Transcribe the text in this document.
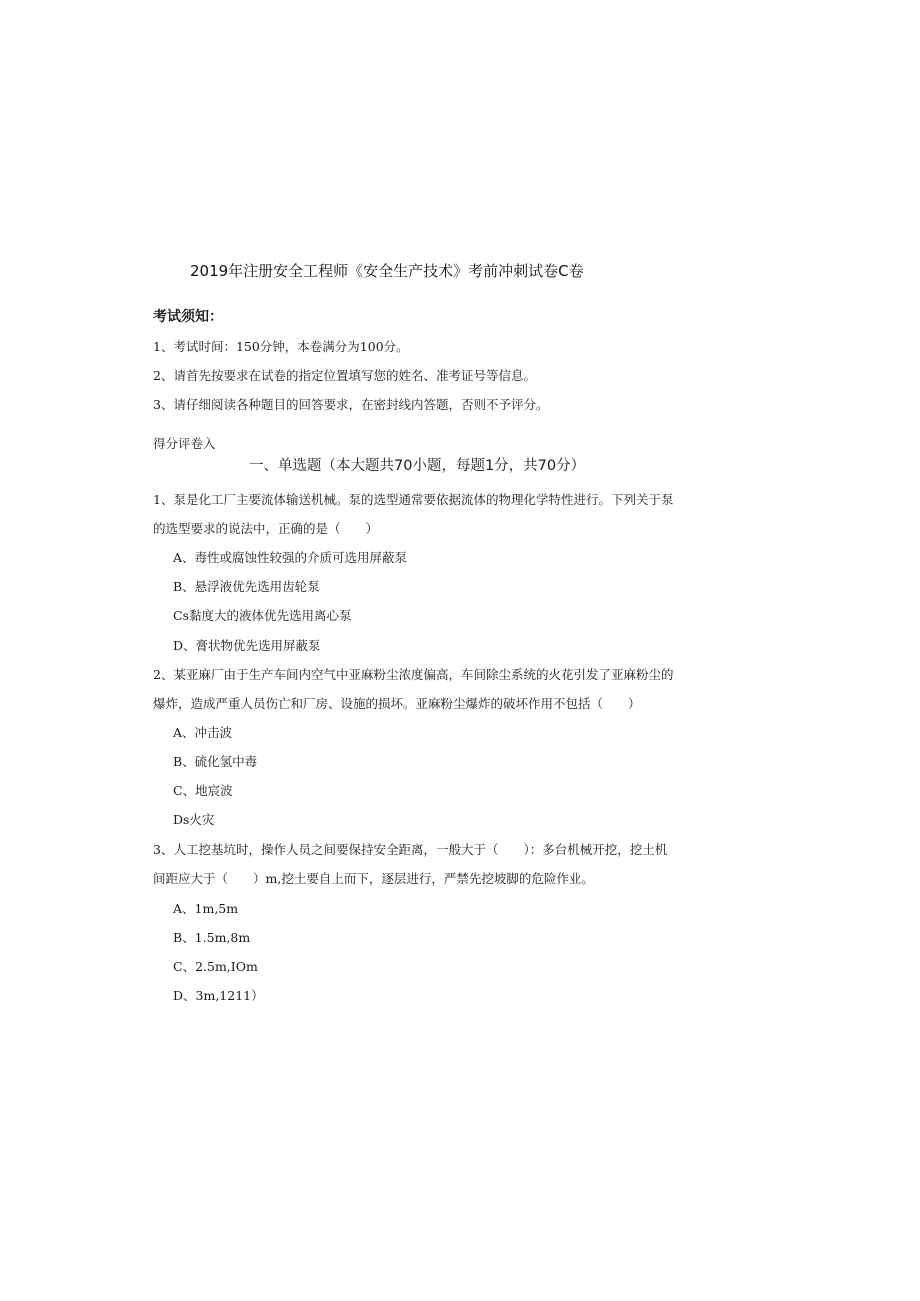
2019年注册安全工程师《安全生产技术》考前冲刺试卷C卷
考试须知：
1、考试时间：150分钟，本卷满分为100分。
2、请首先按要求在试卷的指定位置填写您的姓名、准考证号等信息。
3、请仔细阅读各种题目的回答要求，在密封线内答题，否则不予评分。
得分评卷入
一、单选题（本大题共70小题，每题1分，共70分）
1、泵是化工厂主要流体输送机械。泵的选型通常要依据流体的物理化学特性进行。下列关于泵
的选型要求的说法中，正确的是（　　）
A、毒性或腐蚀性较强的介质可选用屏蔽泵
B、悬浮液优先选用齿轮泵
Cs黏度大的液体优先选用离心泵
D、膏状物优先选用屏蔽泵
2、某亚麻厂由于生产车间内空气中亚麻粉尘浓度偏高，车间除尘系统的火花引发了亚麻粉尘的
爆炸，造成严重人员伤亡和厂房、设施的损坏。亚麻粉尘爆炸的破坏作用不包括（　　）
A、冲击波
B、硫化氢中毒
C、地宸波
Ds火灾
3、人工挖基坑时，操作人员之间要保持安全距离，一般大于（　　）：多台机械开挖，挖土机
间距应大于（　　）m,挖土要自上而下，逐层进行，严禁先挖坡脚的危险作业。
A、1m,5m
B、1.5m,8m
C、2.5m,IOm
D、3m,1211）
